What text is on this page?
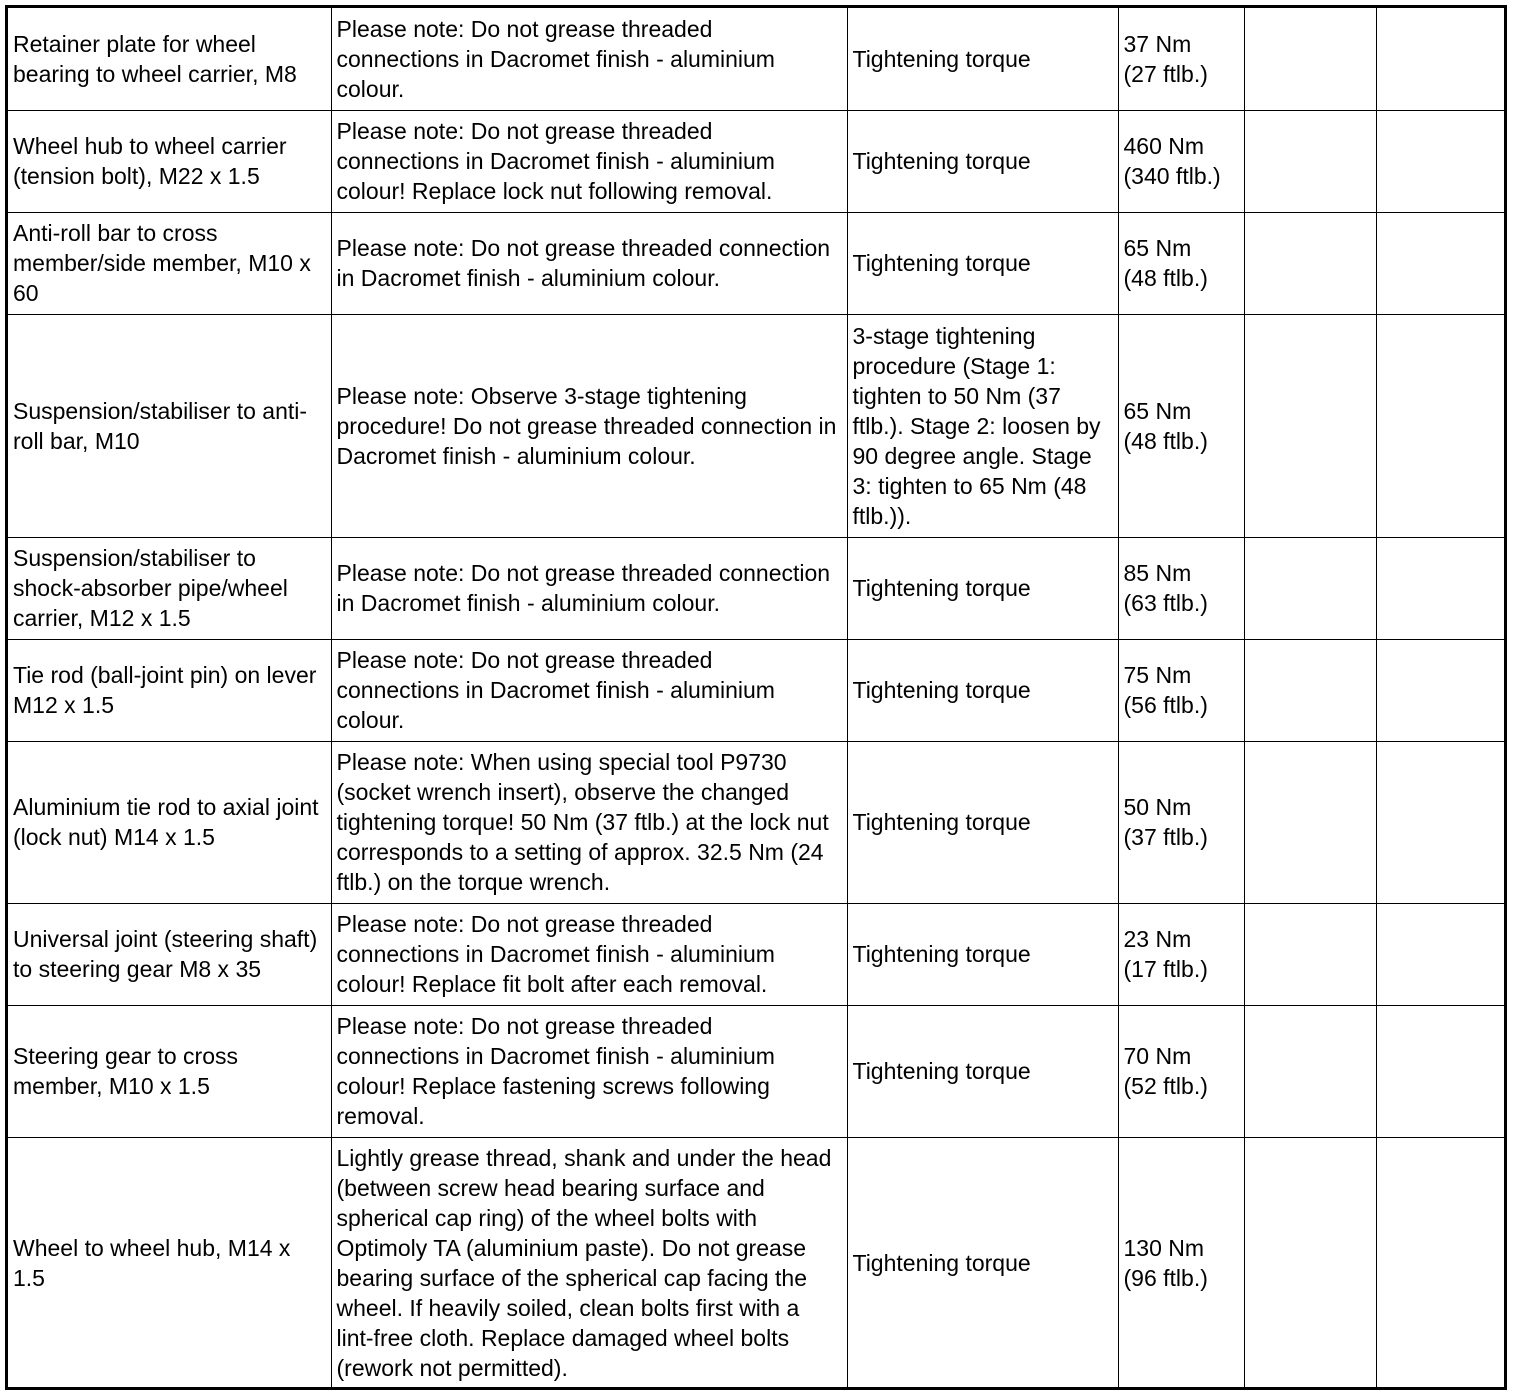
Retainer plate for wheel bearing to wheel carrier, M8	Please note: Do not grease threaded connections in Dacromet finish - aluminium colour.	Tightening torque	37 Nm
(27 ftlb.)		

Wheel hub to wheel carrier (tension bolt), M22 x 1.5	Please note: Do not grease threaded connections in Dacromet finish - aluminium colour! Replace lock nut following removal.	Tightening torque	460 Nm
(340 ftlb.)		

Anti-roll bar to cross member/side member, M10 x 60	Please note: Do not grease threaded connection in Dacromet finish - aluminium colour.	Tightening torque	65 Nm
(48 ftlb.)		

Suspension/stabiliser to anti-roll bar, M10	Please note: Observe 3-stage tightening procedure! Do not grease threaded connection in Dacromet finish - aluminium colour.	3-stage tightening procedure (Stage 1: tighten to 50 Nm (37 ftlb.). Stage 2: loosen by 90 degree angle. Stage 3: tighten to 65 Nm (48 ftlb.)).	65 Nm
(48 ftlb.)		

Suspension/stabiliser to shock-absorber pipe/wheel carrier, M12 x 1.5	Please note: Do not grease threaded connection in Dacromet finish - aluminium colour.	Tightening torque	85 Nm
(63 ftlb.)		

Tie rod (ball-joint pin) on lever M12 x 1.5	Please note: Do not grease threaded connections in Dacromet finish - aluminium colour.	Tightening torque	75 Nm
(56 ftlb.)		

Aluminium tie rod to axial joint (lock nut) M14 x 1.5	Please note: When using special tool P9730 (socket wrench insert), observe the changed tightening torque! 50 Nm (37 ftlb.) at the lock nut corresponds to a setting of approx. 32.5 Nm (24 ftlb.) on the torque wrench.	Tightening torque	50 Nm
(37 ftlb.)		

Universal joint (steering shaft) to steering gear M8 x 35	Please note: Do not grease threaded connections in Dacromet finish - aluminium colour! Replace fit bolt after each removal.	Tightening torque	23 Nm
(17 ftlb.)		

Steering gear to cross member, M10 x 1.5	Please note: Do not grease threaded connections in Dacromet finish - aluminium colour! Replace fastening screws following removal.	Tightening torque	70 Nm
(52 ftlb.)		

Wheel to wheel hub, M14 x 1.5	Lightly grease thread, shank and under the head (between screw head bearing surface and spherical cap ring) of the wheel bolts with Optimoly TA (aluminium paste). Do not grease bearing surface of the spherical cap facing the wheel. If heavily soiled, clean bolts first with a lint-free cloth. Replace damaged wheel bolts (rework not permitted).	Tightening torque	130 Nm
(96 ftlb.)		
